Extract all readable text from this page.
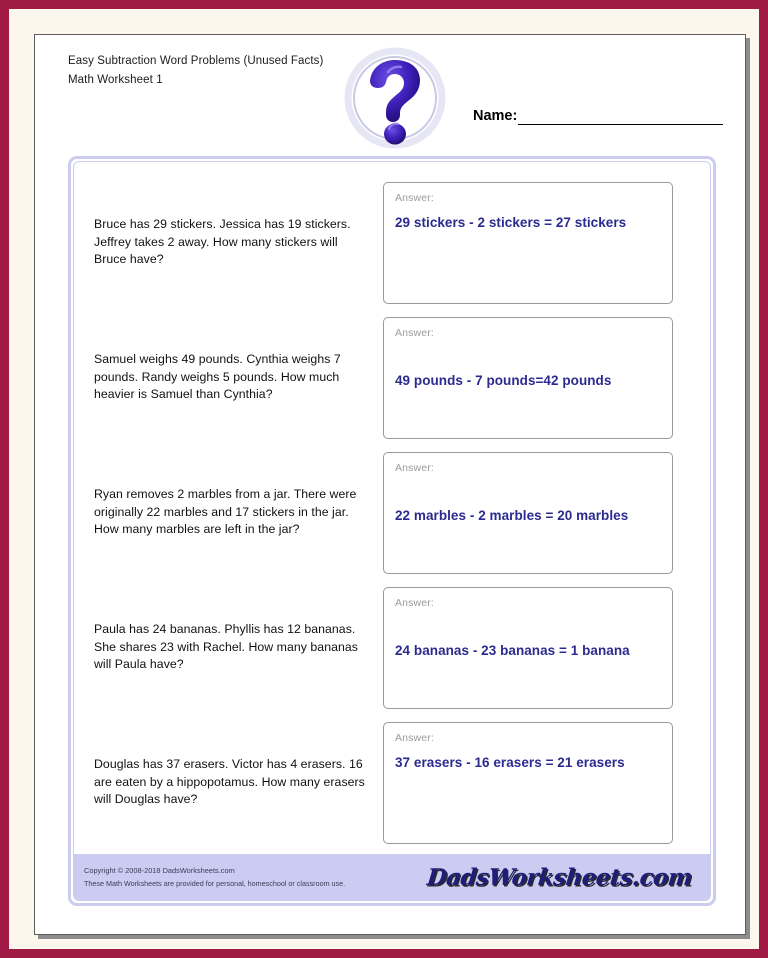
Easy Subtraction Word Problems (Unused Facts)
Math Worksheet 1
Name:
Bruce has 29 stickers. Jessica has 19 stickers. Jeffrey takes 2 away. How many stickers will Bruce have?
Answer:
29 stickers - 2 stickers = 27 stickers
Samuel weighs 49 pounds. Cynthia weighs 7 pounds. Randy weighs 5 pounds. How much heavier is Samuel than Cynthia?
Answer:
49 pounds - 7 pounds=42 pounds
Ryan removes 2 marbles from a jar. There were originally 22 marbles and 17 stickers in the jar. How many marbles are left in the jar?
Answer:
22 marbles - 2 marbles = 20 marbles
Paula has 24 bananas. Phyllis has 12 bananas. She shares 23 with Rachel. How many bananas will Paula have?
Answer:
24 bananas - 23 bananas = 1 banana
Douglas has 37 erasers. Victor has 4 erasers. 16 are eaten by a hippopotamus. How many erasers will Douglas have?
Answer:
37 erasers - 16 erasers = 21 erasers
Copyright © 2008-2018 DadsWorksheets.com
These Math Worksheets are provided for personal, homeschool or classroom use.	DadsWorksheets.com
